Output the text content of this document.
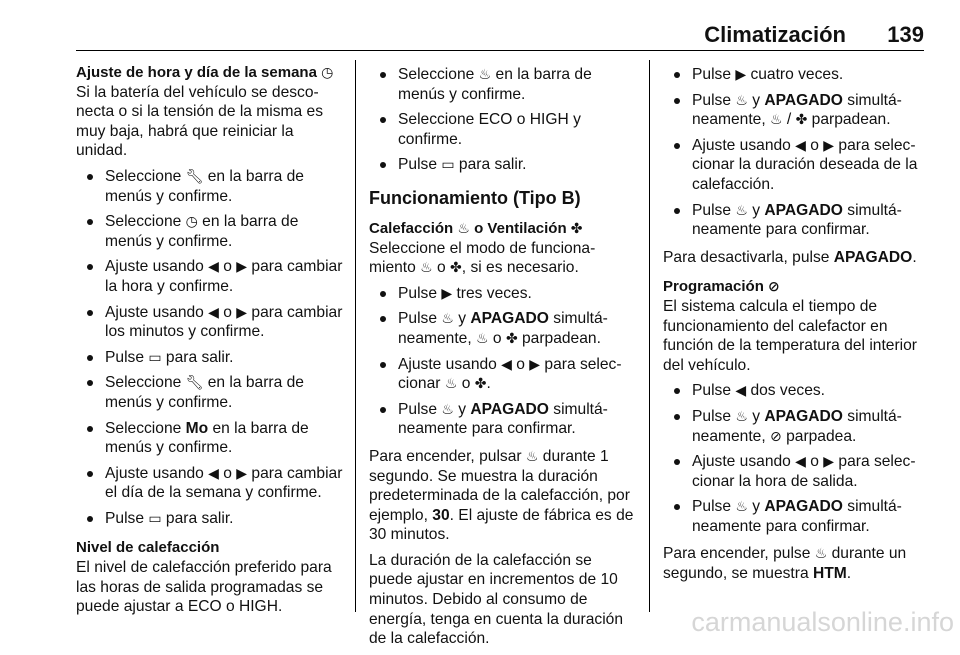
Climatización 139

Ajuste de hora y día de la semana ◷

Si la batería del vehículo se desconecta o si la tensión de la misma es muy baja, habrá que reiniciar la unidad.

Seleccione 🔧︎ en la barra de menús y confirme.
Seleccione ◷ en la barra de menús y confirme.
Ajuste usando ◀ o ▶ para cambiar la hora y confirme.
Ajuste usando ◀ o ▶ para cambiar los minutos y confirme.
Pulse ▭ para salir.
Seleccione 🔧︎ en la barra de menús y confirme.
Seleccione Mo en la barra de menús y confirme.
Ajuste usando ◀ o ▶ para cambiar el día de la semana y confirme.
Pulse ▭ para salir.

Nivel de calefacción

El nivel de calefacción preferido para las horas de salida programadas se puede ajustar a ECO o HIGH.

Seleccione ♨ en la barra de menús y confirme.
Seleccione ECO o HIGH y confirme.
Pulse ▭ para salir.

Funcionamiento (Tipo B)

Calefacción ♨ o Ventilación ✤

Seleccione el modo de funcionamiento ♨ o ✤, si es necesario.

Pulse ▶ tres veces.
Pulse ♨ y APAGADO simultáneamente, ♨ o ✤ parpadean.
Ajuste usando ◀ o ▶ para seleccionar ♨ o ✤.
Pulse ♨ y APAGADO simultáneamente para confirmar.

Para encender, pulsar ♨ durante 1 segundo. Se muestra la duración predeterminada de la calefacción, por ejemplo, 30. El ajuste de fábrica es de 30 minutos.

La duración de la calefacción se puede ajustar en incrementos de 10 minutos. Debido al consumo de energía, tenga en cuenta la duración de la calefacción.

Pulse ▶ cuatro veces.
Pulse ♨ y APAGADO simultáneamente, ♨ / ✤ parpadean.
Ajuste usando ◀ o ▶ para seleccionar la duración deseada de la calefacción.
Pulse ♨ y APAGADO simultáneamente para confirmar.

Para desactivarla, pulse APAGADO.

Programación ⊘

El sistema calcula el tiempo de funcionamiento del calefactor en función de la temperatura del interior del vehículo.

Pulse ◀ dos veces.
Pulse ♨ y APAGADO simultáneamente, ⊘ parpadea.
Ajuste usando ◀ o ▶ para seleccionar la hora de salida.
Pulse ♨ y APAGADO simultáneamente para confirmar.

Para encender, pulse ♨ durante un segundo, se muestra HTM.

carmanualsonline.info
